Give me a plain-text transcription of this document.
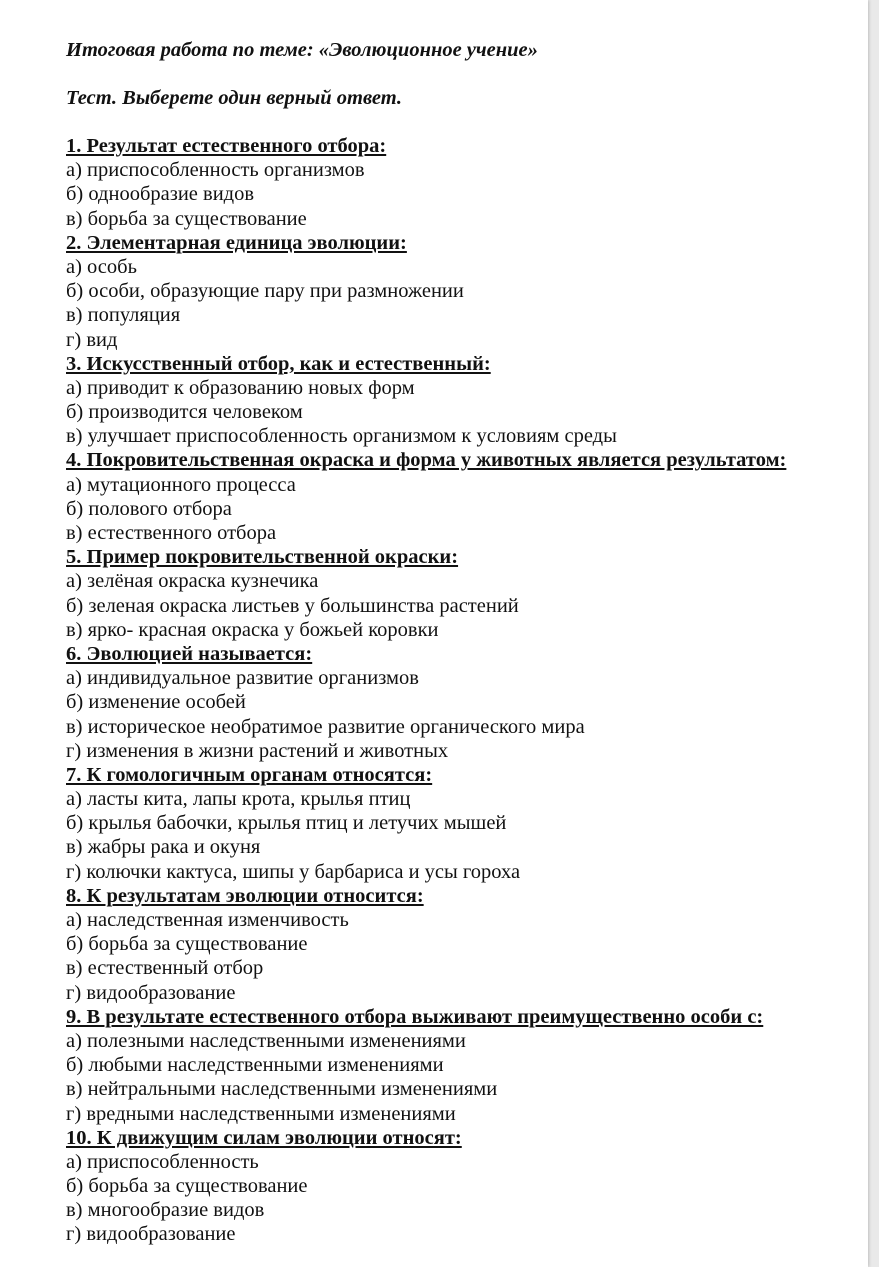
Итоговая работа по теме: «Эволюционное учение»
Тест. Выберете один верный ответ.
1. Результат естественного отбора:
а) приспособленность организмов
б) однообразие видов
в) борьба за существование
2. Элементарная единица эволюции:
а) особь
б) особи, образующие пару при размножении
в) популяция
г) вид
3. Искусственный отбор, как и естественный:
а) приводит к образованию новых форм
б) производится человеком
в) улучшает приспособленность организмом к условиям среды
4. Покровительственная окраска и форма у животных является результатом:
а) мутационного процесса
б) полового отбора
в) естественного отбора
5. Пример покровительственной окраски:
а) зелёная окраска кузнечика
б) зеленая окраска листьев у большинства растений
в) ярко- красная окраска у божьей коровки
6. Эволюцией называется:
а) индивидуальное развитие организмов
б) изменение особей
в) историческое необратимое развитие органического мира
г) изменения в жизни растений и животных
7. К гомологичным органам относятся:
а) ласты кита, лапы крота, крылья птиц
б) крылья бабочки, крылья птиц и летучих мышей
в) жабры рака и окуня
г) колючки кактуса, шипы у барбариса и усы гороха
8. К результатам эволюции относится:
а) наследственная изменчивость
б) борьба за существование
в) естественный отбор
г) видообразование
9. В результате естественного отбора выживают преимущественно особи с:
а) полезными наследственными изменениями
б) любыми наследственными изменениями
в) нейтральными наследственными изменениями
г) вредными наследственными изменениями
10. К движущим силам эволюции относят:
а) приспособленность
б) борьба за существование
в) многообразие видов
г) видообразование
